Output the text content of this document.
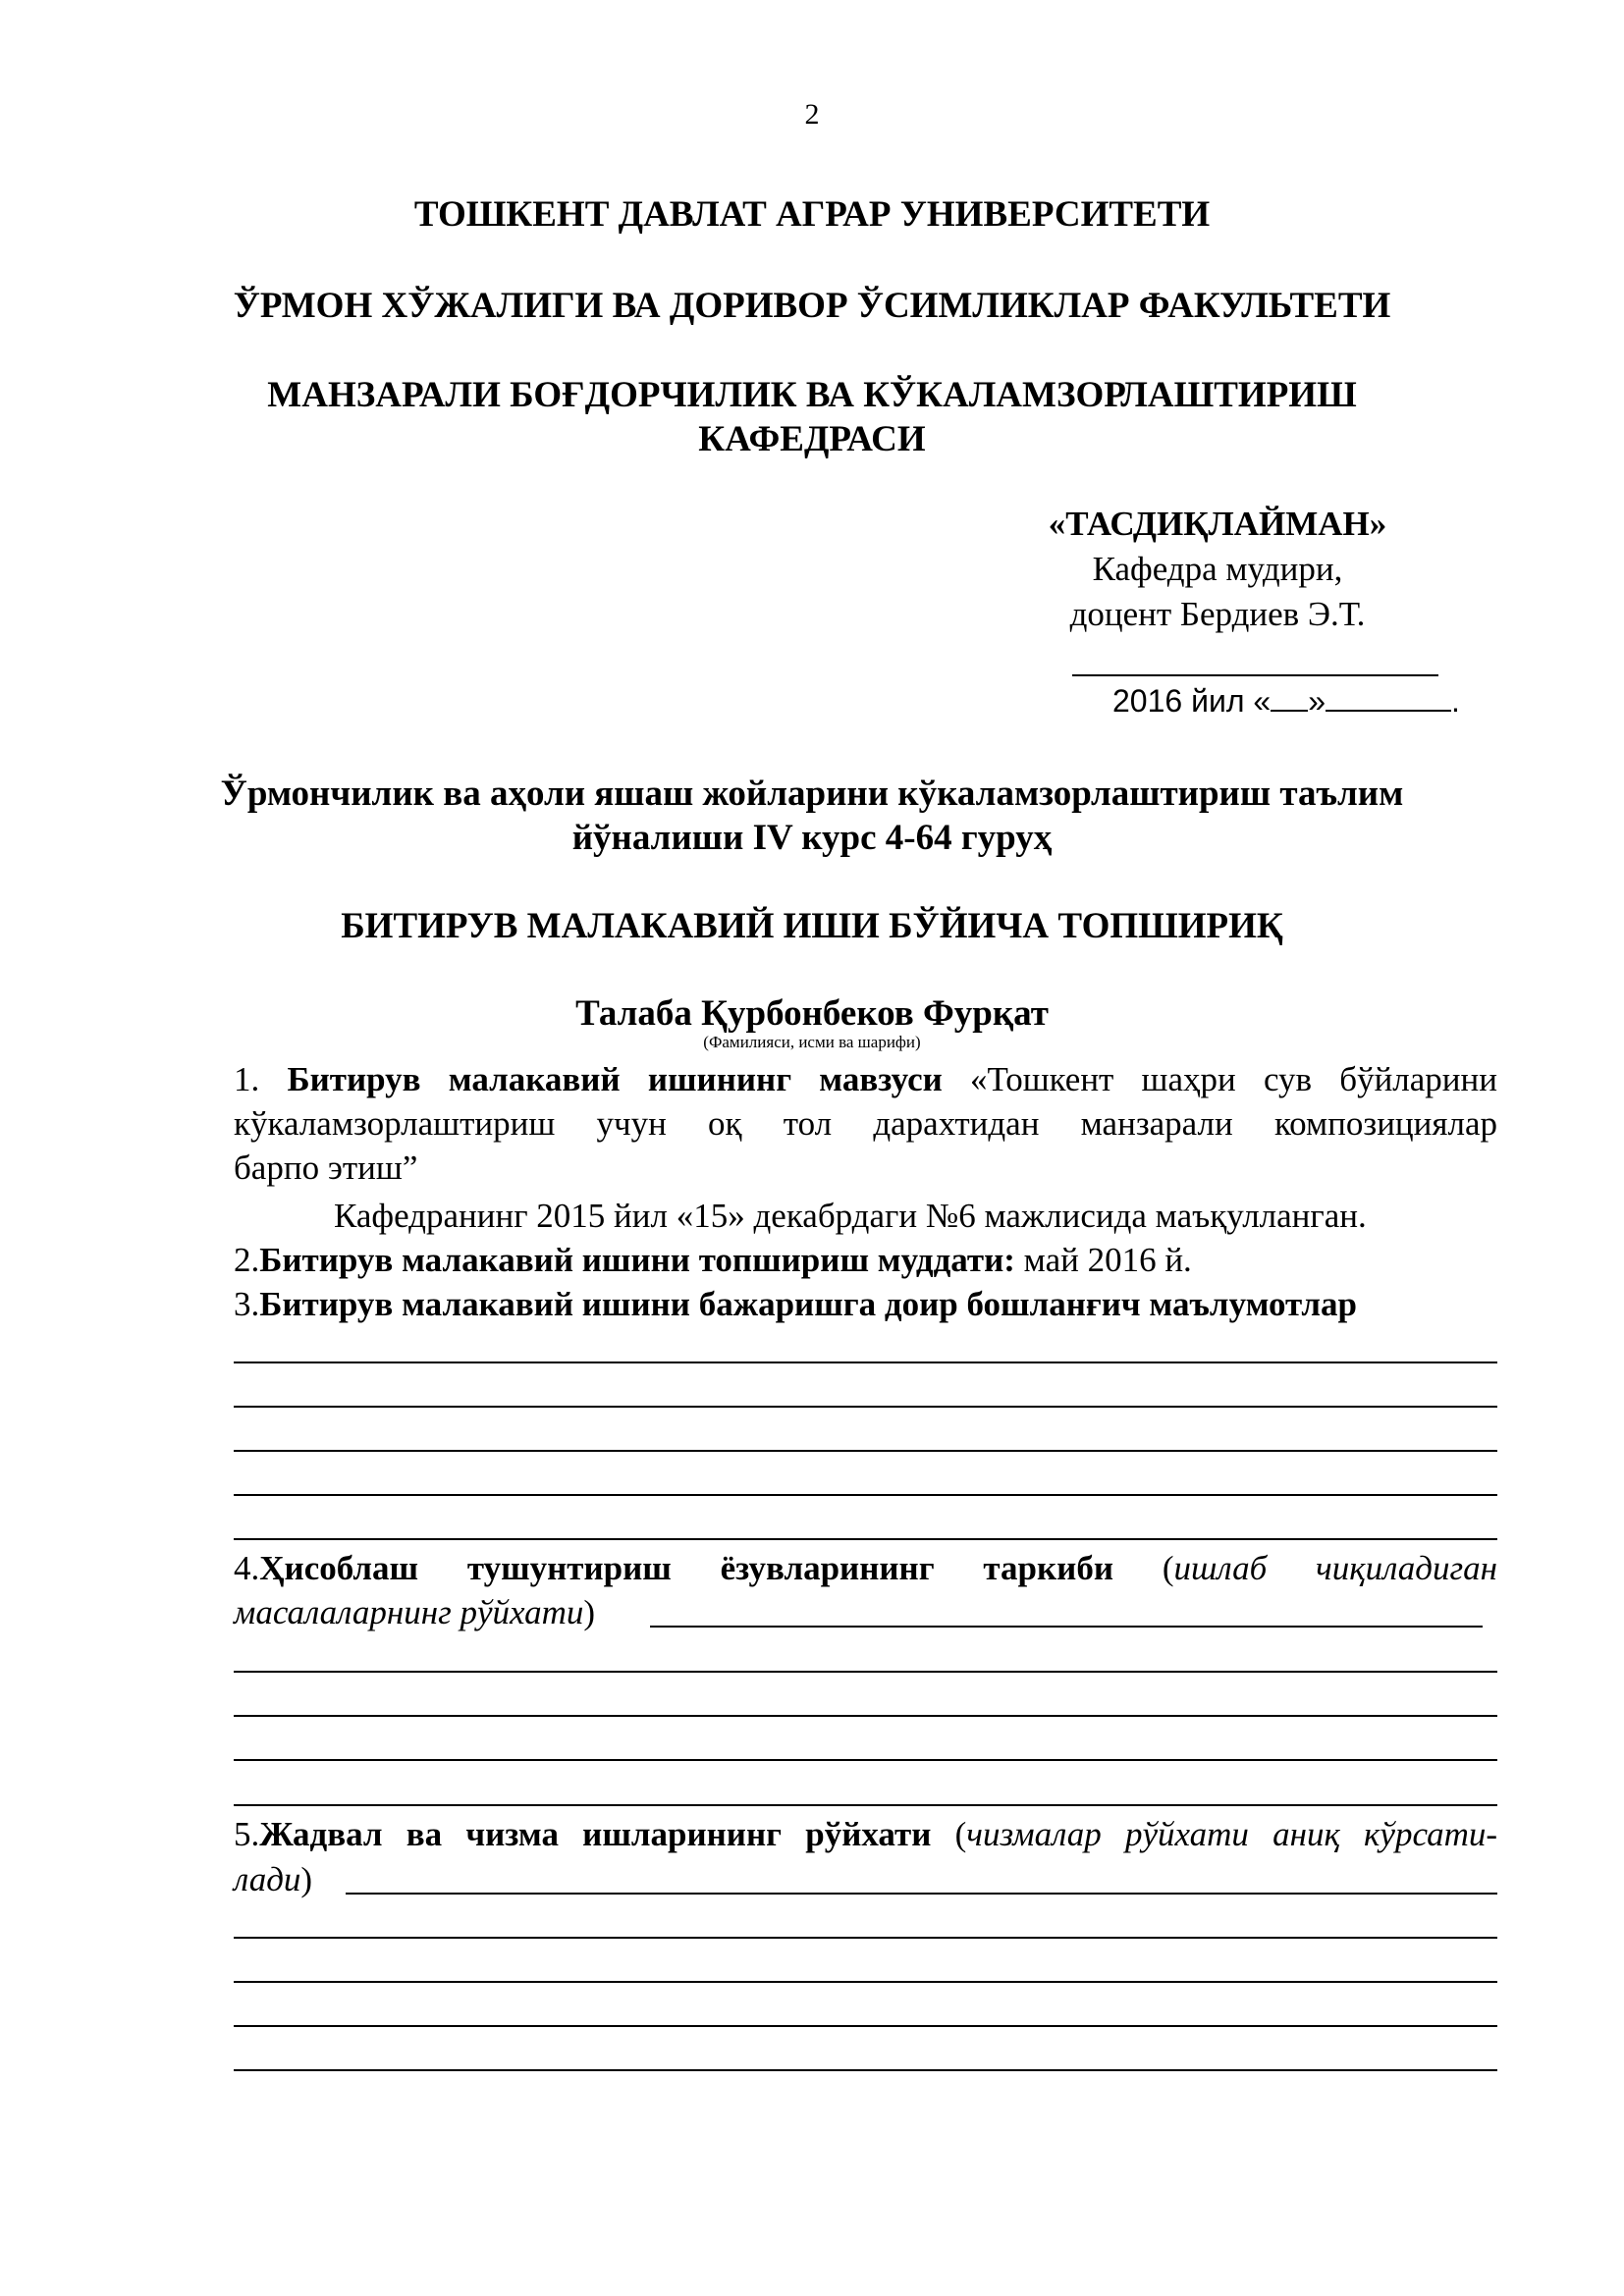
2
ТОШКЕНТ ДАВЛАТ АГРАР УНИВЕРСИТЕТИ
ЎРМОН ХЎЖАЛИГИ ВА ДОРИВОР ЎСИМЛИКЛАР ФАКУЛЬТЕТИ
МАНЗАРАЛИ БОҒДОРЧИЛИК ВА КЎКАЛАМЗОРЛАШТИРИШ
КАФЕДРАСИ
«ТАСДИҚЛАЙМАН»
Кафедра мудири,
доцент Бердиев Э.Т.
2016 йил « »	.
Ўрмончилик ва аҳоли яшаш жойларини кўкаламзорлаштириш таълим
йўналиши IV курс 4-64 гуруҳ
БИТИРУВ МАЛАКАВИЙ ИШИ БЎЙИЧА ТОПШИРИҚ
Талаба Қурбонбеков Фурқат
(Фамилияси, исми ва шарифи)
1. Битирув малакавий ишининг мавзуси «Тошкент шаҳри сув бўйларини
кўкаламзорлаштириш учун оқ тол дарахтидан манзарали композициялар
барпо этиш”
Кафедранинг 2015 йил «15» декабрдаги №6 мажлисида маъқулланган.
2.Битирув малакавий ишини топшириш муддати: май 2016 й.
3.Битирув малакавий ишини бажаришга доир бошланғич маълумотлар
4.Ҳисоблаш тушунтириш ёзувларининг таркиби (ишлаб чиқиладиган
масалаларнинг рўйхати)
5.Жадвал ва чизма ишларининг рўйхати (чизмалар рўйхати аниқ кўрсати-
лади)
